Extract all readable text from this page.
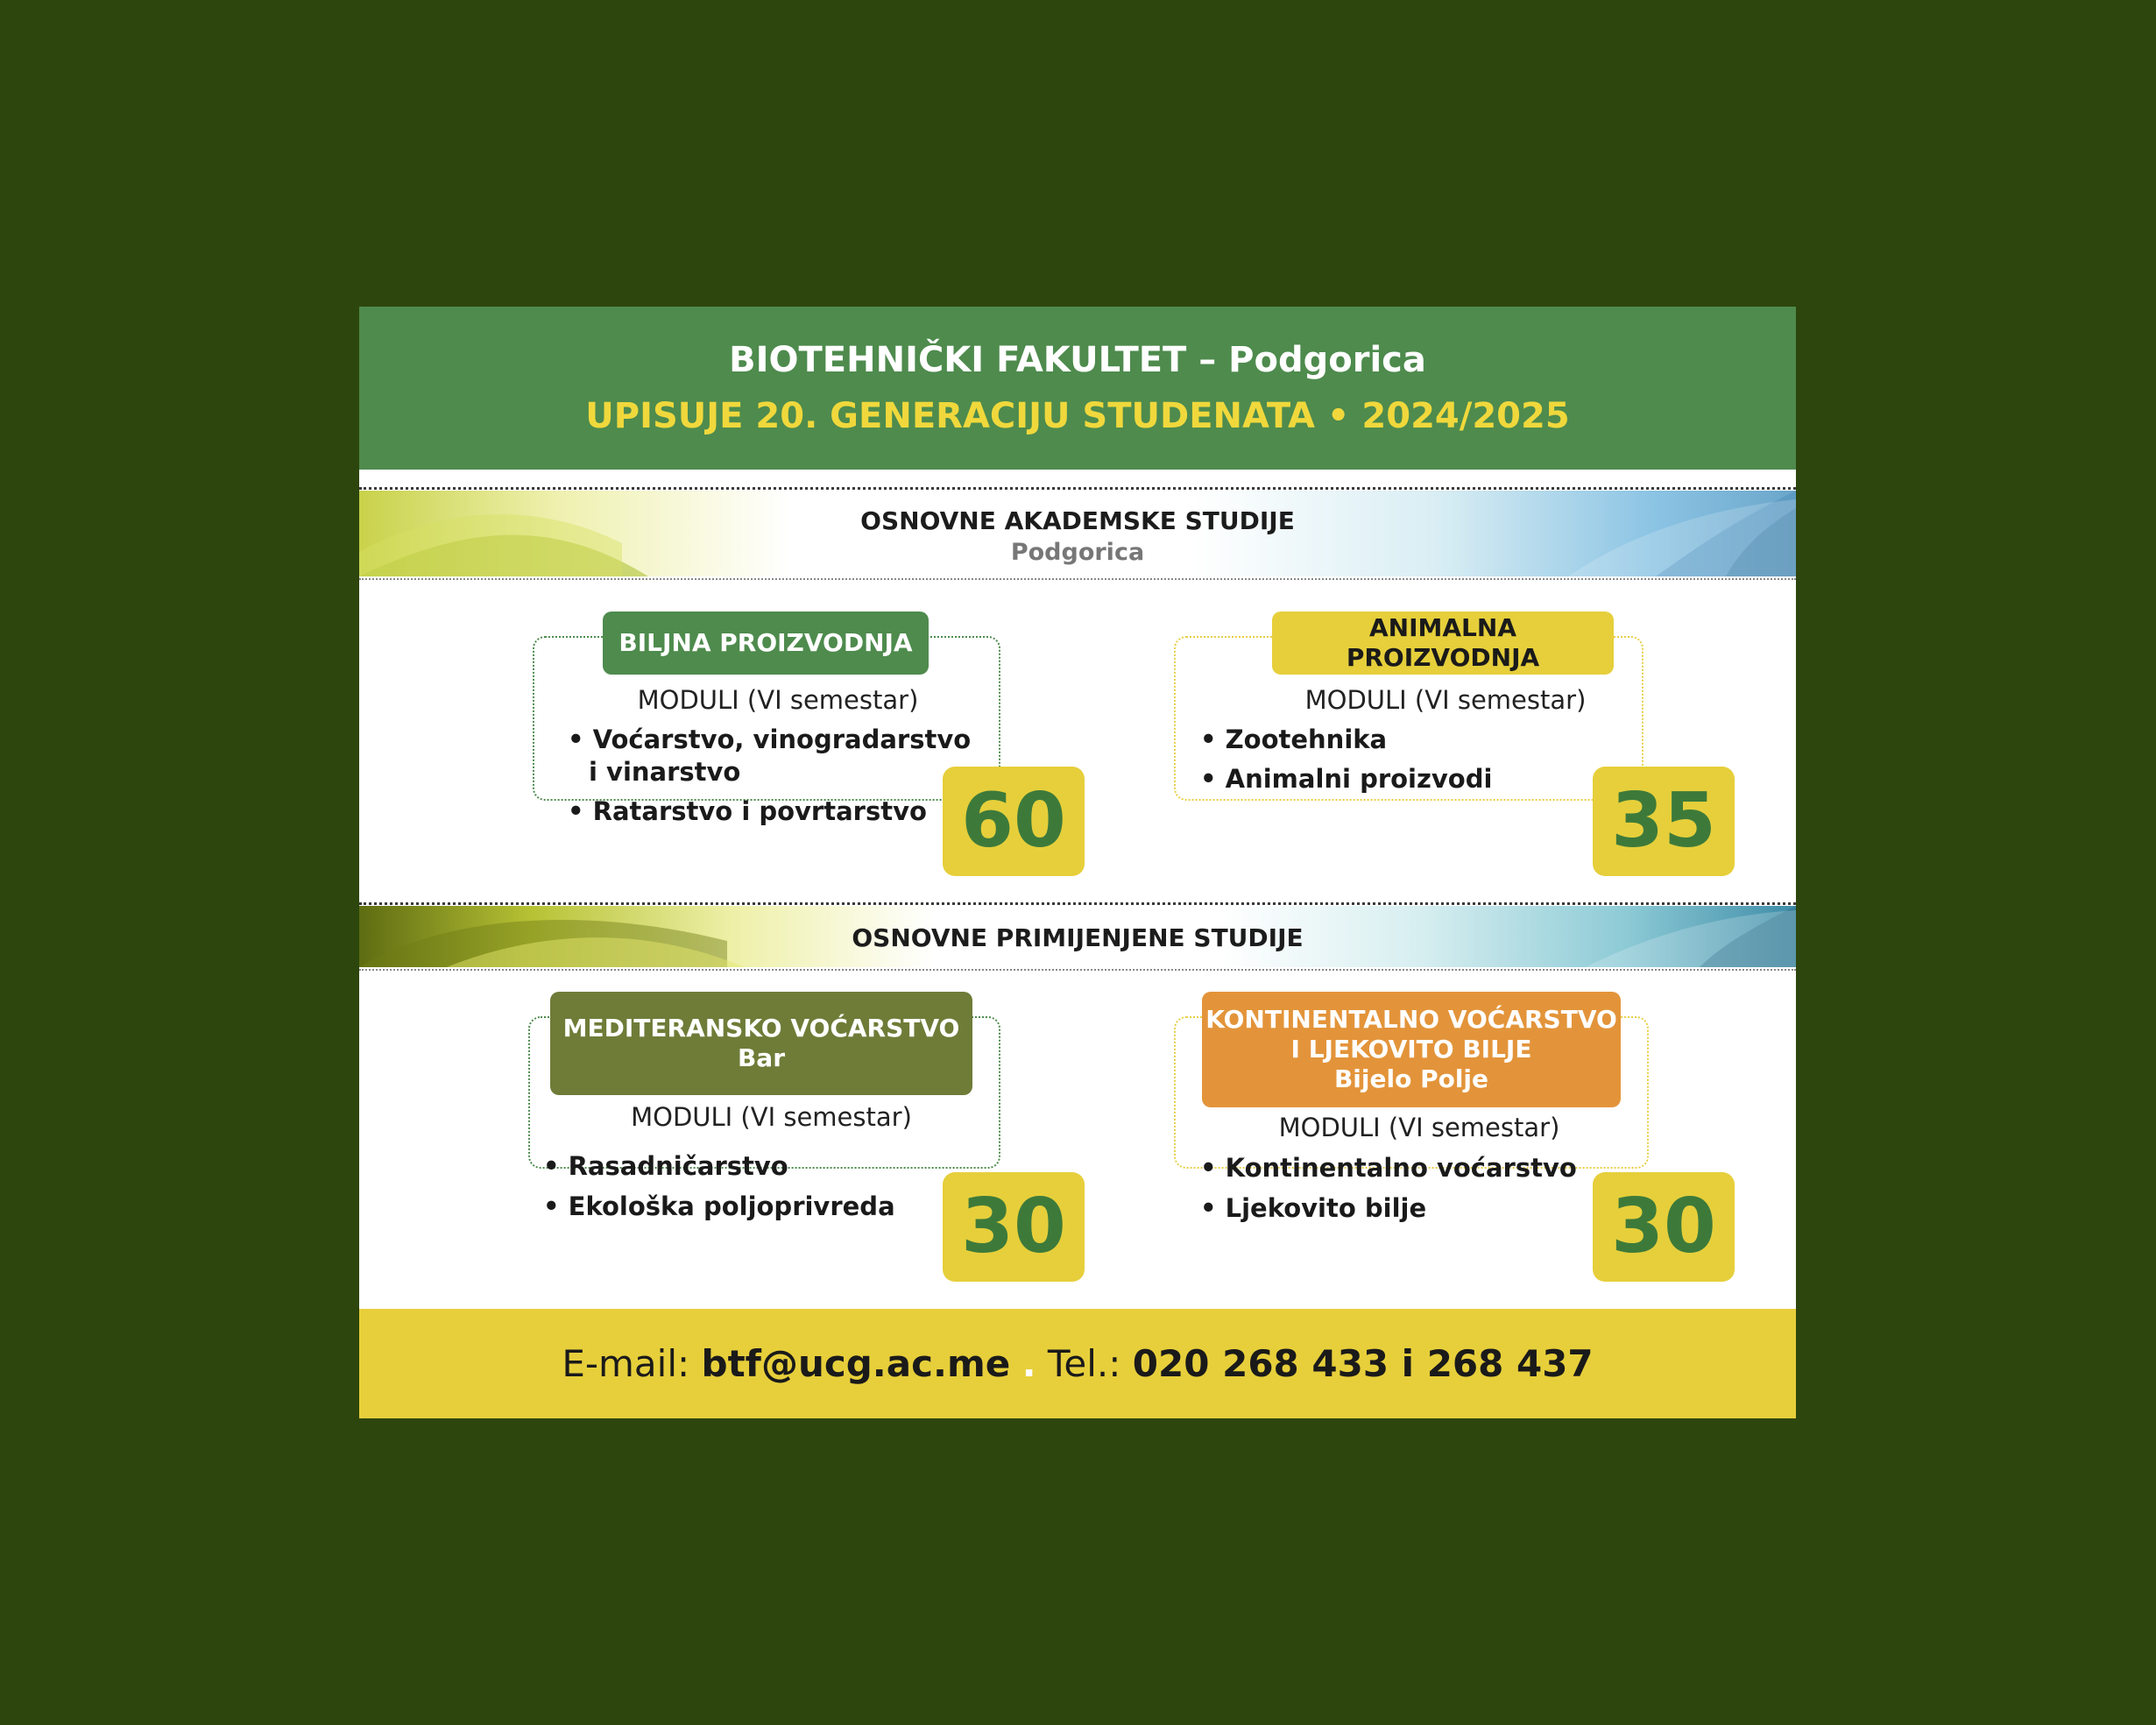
BIOTEHNIČKI FAKULTET – Podgorica
UPISUJE 20. GENERACIJU STUDENATA • 2024/2025
OSNOVNE AKADEMSKE STUDIJE
Podgorica
BILJNA PROIZVODNJA
MODULI (VI semestar)
• Voćarstvo, vinogradarstvo
i vinarstvo
• Ratarstvo i povrtarstvo 60
ANIMALNA PROIZVODNJA
MODULI (VI semestar)
• Zootehnika
• Animalni proizvodi 35
OSNOVNE PRIMIJENJENE STUDIJE
MEDITERANSKO VOĆARSTVO
Bar
MODULI (VI semestar)
• Rasadničarstvo
• Ekološka poljoprivreda 30
KONTINENTALNO VOĆARSTVO
I LJEKOVITO BILJE
Bijelo Polje
MODULI (VI semestar)
• Kontinentalno voćarstvo
• Ljekovito bilje 30
E-mail: btf@ucg.ac.me . Tel.: 020 268 433 i 268 437
